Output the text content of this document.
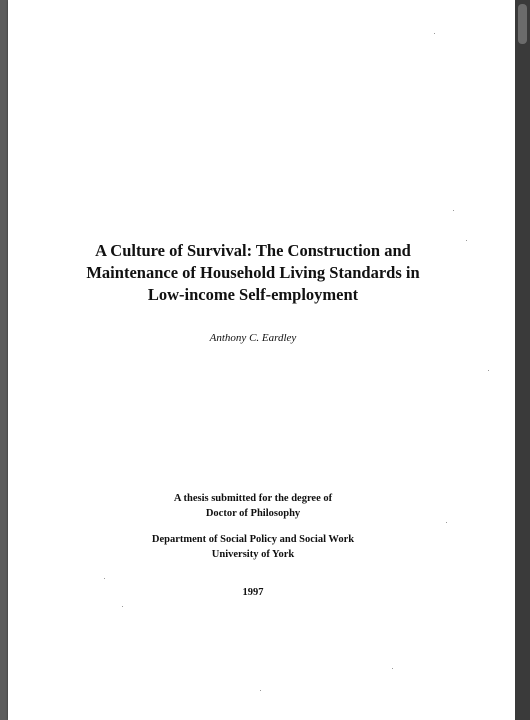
A Culture of Survival: The Construction and
Maintenance of Household Living Standards in
Low-income Self-employment
Anthony C. Eardley
A thesis submitted for the degree of
Doctor of Philosophy
Department of Social Policy and Social Work
University of York
1997
